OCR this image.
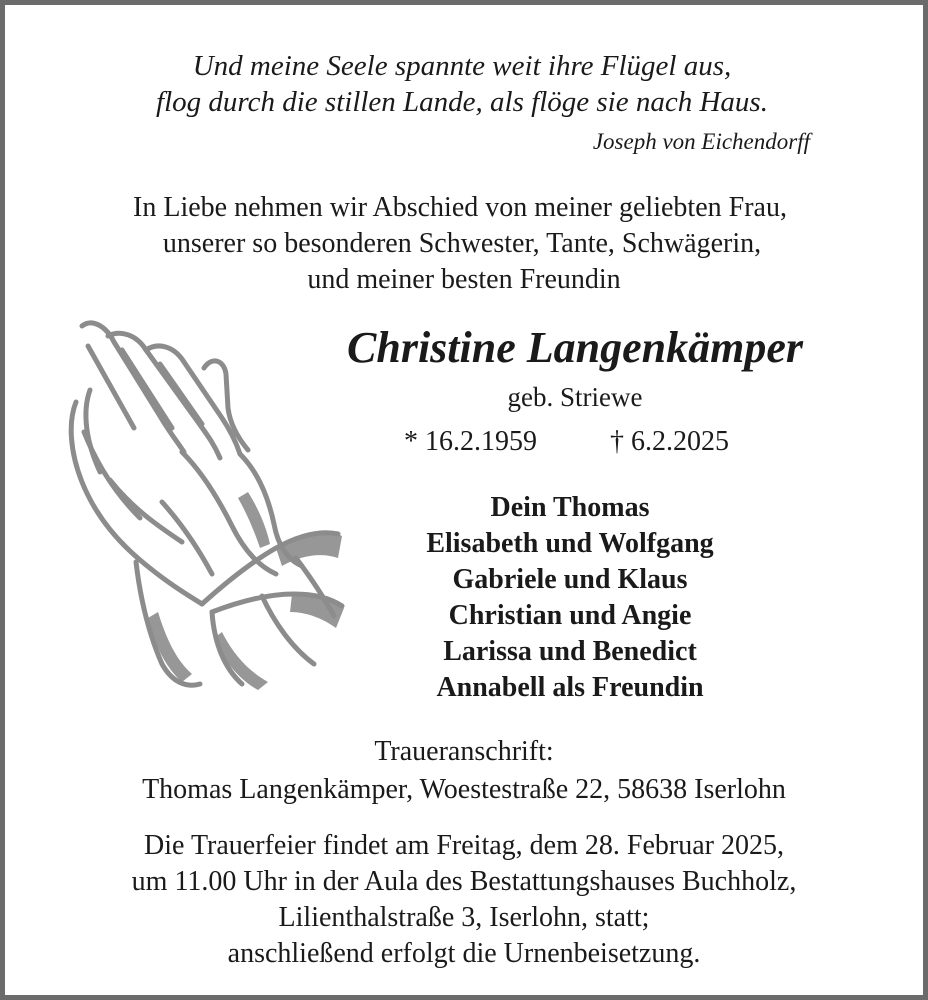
Und meine Seele spannte weit ihre Flügel aus,
flog durch die stillen Lande, als flöge sie nach Haus.
Joseph von Eichendorff
In Liebe nehmen wir Abschied von meiner geliebten Frau,
unserer so besonderen Schwester, Tante, Schwägerin,
und meiner besten Freundin
Christine Langenkämper
geb. Striewe
* 16.2.1959	† 6.2.2025
Dein Thomas
Elisabeth und Wolfgang
Gabriele und Klaus
Christian und Angie
Larissa und Benedict
Annabell als Freundin
Traueranschrift:
Thomas Langenkämper, Woestestraße 22, 58638 Iserlohn
Die Trauerfeier findet am Freitag, dem 28. Februar 2025,
um 11.00 Uhr in der Aula des Bestattungshauses Buchholz,
Lilienthalstraße 3, Iserlohn, statt;
anschließend erfolgt die Urnenbeisetzung.
